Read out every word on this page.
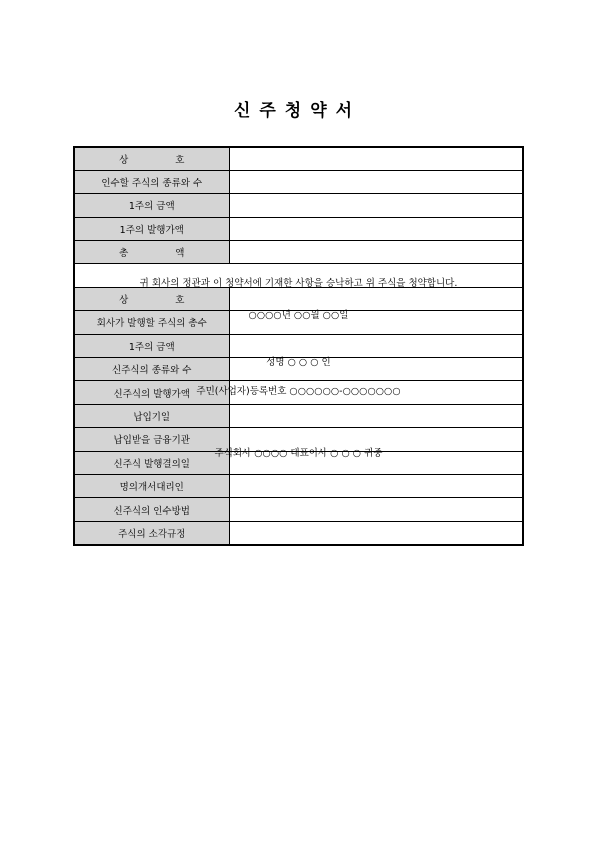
신주청약서
상 호	
인수할 주식의 종류와 수	
1주의 금액	
1주의 발행가액	
총 액	

귀 회사의 정관과 이 청약서에 기재한 사항을 승낙하고 위 주식을 청약합니다.
○○○○년 ○○월 ○○일
성명 ○ ○ ○ 인
주민(사업자)등록번호 ○○○○○○-○○○○○○○
주식회사 ○○○○ 대표이사 ○ ○ ○ 귀중	

상 호	
회사가 발행할 주식의 총수	
1주의 금액	
신주식의 종류와 수	
신주식의 발행가액	
납입기일	
납입받을 금융기관	
신주식 발행결의일	
명의개서대리인	
신주식의 인수방법	
주식의 소각규정	
